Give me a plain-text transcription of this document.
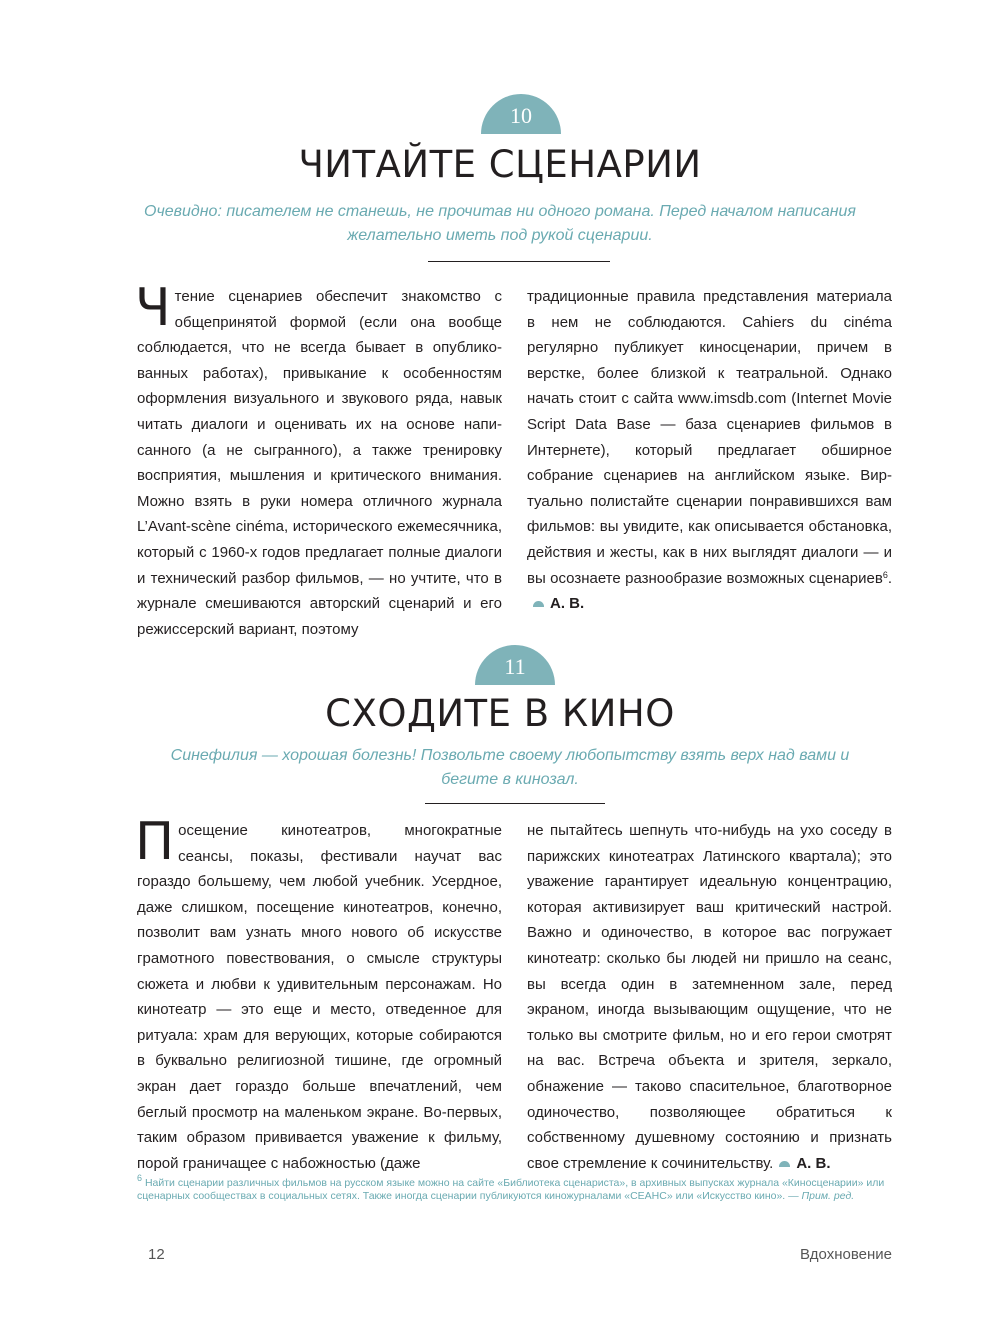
10
ЧИТАЙТЕ СЦЕНАРИИ
Очевидно: писателем не станешь, не прочитав ни одного романа. Перед началом написания желательно иметь под рукой сценарии.

Чтение сценариев обеспечит знакомство с общепринятой формой (если она вообще соблюдается, что не всегда бывает в опубликованных работах), привыкание к особенностям оформления визуального и звукового ряда, навык читать диалоги и оценивать их на основе написанного (а не сыгранного), а также тренировку восприятия, мышления и критического внимания. Можно взять в руки номера отличного журнала L’Avant-scène cinéma, исторического ежемесячника, который с 1960-х годов предлагает полные диалоги и технический разбор фильмов, — но учтите, что в журнале смешиваются авторский сценарий и его режиссерский вариант, поэтому

традиционные правила представления материала в нем не соблюдаются. Cahiers du cinéma регулярно публикует киносценарии, причем в верстке, более близкой к театральной. Однако начать стоит с сайта www.imsdb.com (Internet Movie Script Data Base — база сценариев фильмов в Интернете), который предлагает обширное собрание сценариев на английском языке. Виртуально полистайте сценарии понравившихся вам фильмов: вы увидите, как описывается обстановка, действия и жесты, как в них выглядят диалоги — и вы осознаете разнообразие возможных сценариев$^6$.А. В.

11
СХОДИТЕ В КИНО
Синефилия — хорошая болезнь! Позвольте своему любопытству взять верх над вами и бегите в кинозал.

Посещение кинотеатров, многократные сеансы, показы, фестивали научат вас гораздо большему, чем любой учебник. Усердное, даже слишком, посещение кинотеатров, конечно, позволит вам узнать много нового об искусстве грамотного повествования, о смысле структуры сюжета и любви к удивительным персонажам. Но кинотеатр — это еще и место, отведенное для ритуала: храм для верующих, которые собираются в буквально религиозной тишине, где огромный экран дает гораздо больше впечатлений, чем беглый просмотр на маленьком экране. Во-первых, таким образом прививается уважение к фильму, порой граничащее с набожностью (даже

не пытайтесь шепнуть что-нибудь на ухо соседу в парижских кинотеатрах Латинского квартала); это уважение гарантирует идеальную концентрацию, которая активизирует ваш критический настрой. Важно и одиночество, в которое вас погружает кинотеатр: сколько бы людей ни пришло на сеанс, вы всегда один в затемненном зале, перед экраном, иногда вызывающим ощущение, что не только вы смотрите фильм, но и его герои смотрят на вас. Встреча объекта и зрителя, зеркало, обнажение — таково спасительное, благотворное одиночество, позволяющее обратиться к собственному душевному состоянию и признать свое стремление к сочинительству. А. В.

$^6$ Найти сценарии различных фильмов на русском языке можно на сайте «Библиотека сценариста», в архивных выпусках журнала «Киносценарии» или сценарных сообществах в социальных сетях. Также иногда сценарии публикуются киножурналами «СЕАНС» или «Искусство кино». — Прим. ред.
12	Вдохновение
